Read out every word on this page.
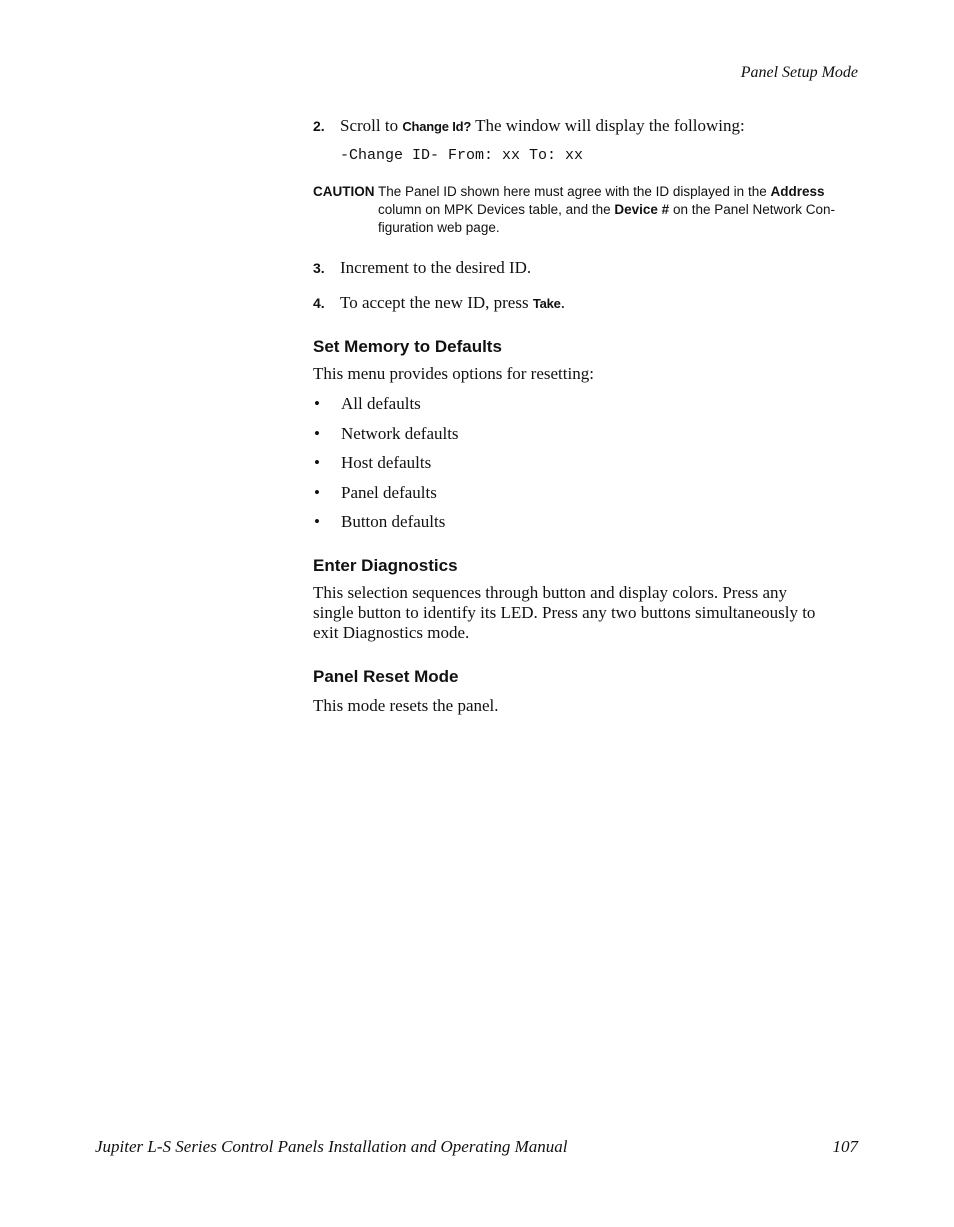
Panel Setup Mode
2. Scroll to Change Id? The window will display the following:
-Change ID- From: xx To: xx
CAUTION The Panel ID shown here must agree with the ID displayed in the Address column on MPK Devices table, and the Device # on the Panel Network Con-
figuration web page.
3. Increment to the desired ID.
4. To accept the new ID, press Take.
Set Memory to Defaults

This menu provides options for resetting:

•	All defaults
•	Network defaults
•	Host defaults
•	Panel defaults
•	Button defaults
Enter Diagnostics

This selection sequences through button and display colors. Press any
single button to identify its LED. Press any two buttons simultaneously to
exit Diagnostics mode.

Panel Reset Mode

This mode resets the panel.

Jupiter L-S Series Control Panels Installation and Operating Manual	107
